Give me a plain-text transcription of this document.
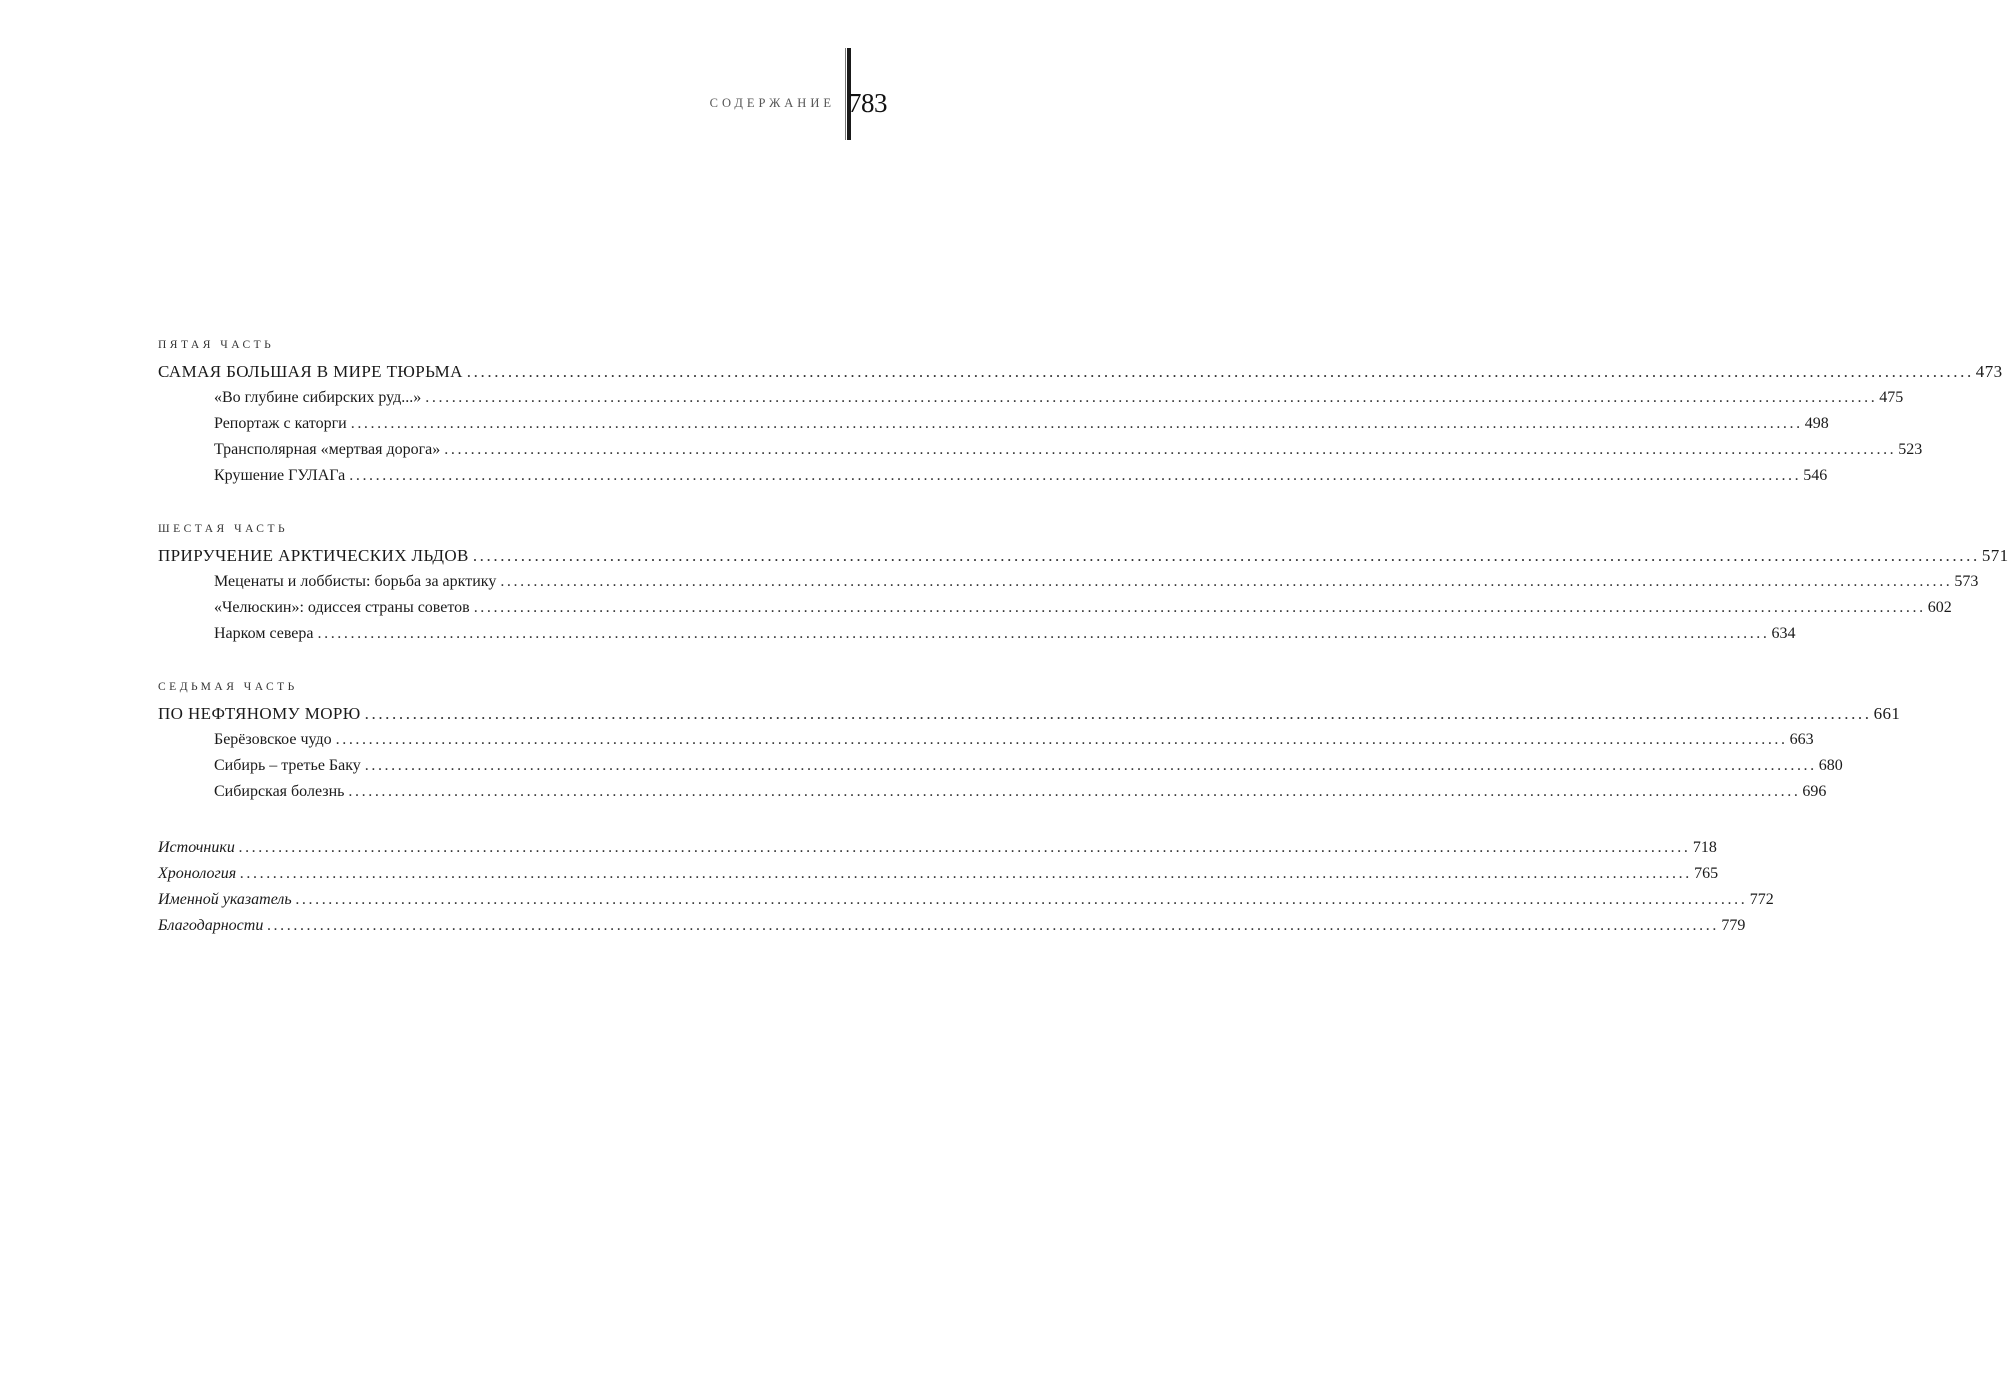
СОДЕРЖАНИЕ 783
ПЯТАЯ ЧАСТЬ
САМАЯ БОЛЬШАЯ В МИРЕ ТЮРЬМА ............................................................................................................................................................................................................................ 473
«Во глубине сибирских руд...» ............................................................................................................................................................................................................................ 475
Репортаж с каторги ............................................................................................................................................................................................................................ 498
Трансполярная «мертвая дорога» ............................................................................................................................................................................................................................ 523
Крушение ГУЛАГа ............................................................................................................................................................................................................................ 546
ШЕСТАЯ ЧАСТЬ
ПРИРУЧЕНИЕ АРКТИЧЕСКИХ ЛЬДОВ ............................................................................................................................................................................................................................ 571
Меценаты и лоббисты: борьба за арктику ............................................................................................................................................................................................................................ 573
«Челюскин»: одиссея страны советов ............................................................................................................................................................................................................................ 602
Нарком севера ............................................................................................................................................................................................................................ 634
СЕДЬМАЯ ЧАСТЬ
ПО НЕФТЯНОМУ МОРЮ ............................................................................................................................................................................................................................ 661
Берёзовское чудо ............................................................................................................................................................................................................................ 663
Сибирь – третье Баку ............................................................................................................................................................................................................................ 680
Сибирская болезнь ............................................................................................................................................................................................................................ 696
Источники ............................................................................................................................................................................................................................ 718
Хронология ............................................................................................................................................................................................................................ 765
Именной указатель ............................................................................................................................................................................................................................ 772
Благодарности ............................................................................................................................................................................................................................ 779
